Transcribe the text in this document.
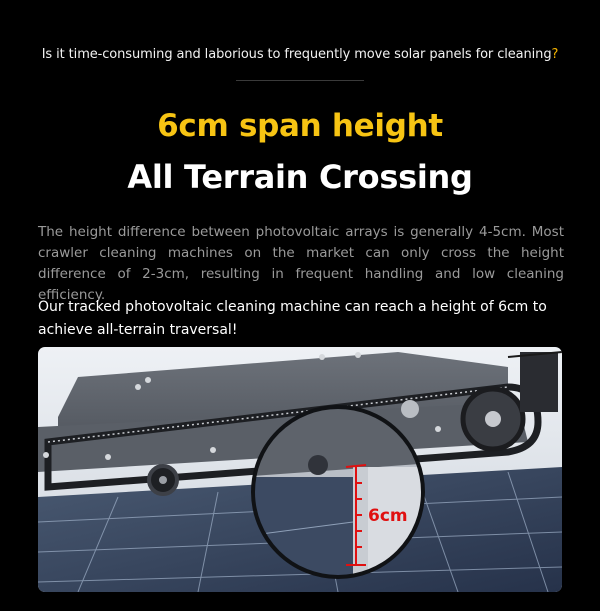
Is it time-consuming and laborious to frequently move solar panels for cleaning?
6cm span height
All Terrain Crossing
The height difference between photovoltaic arrays is generally 4-5cm. Most crawler cleaning machines on the market can only cross the height difference of 2-3cm, resulting in frequent handling and low cleaning efficiency.
Our tracked photovoltaic cleaning machine can reach a height of 6cm to achieve all-terrain traversal!
6cm
